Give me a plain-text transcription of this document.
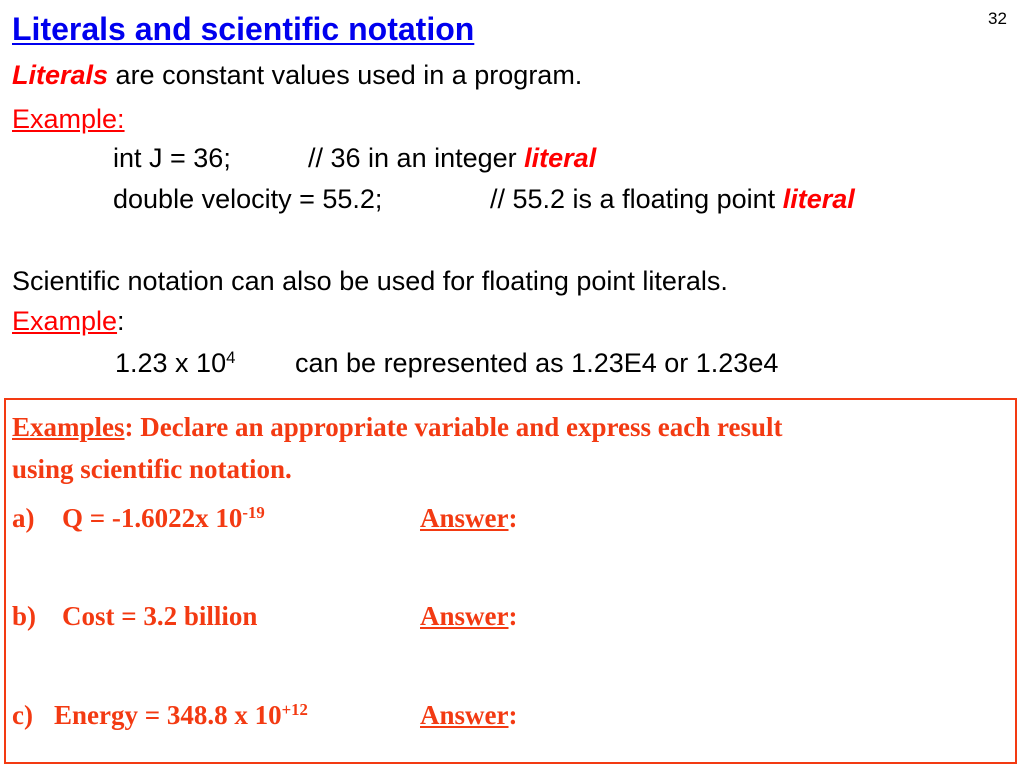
32
Literals and scientific notation
Literals are constant values used in a program.
Example:
int J = 36;	// 36 in an integer literal
double velocity = 55.2;	// 55.2 is a floating point literal
Scientific notation can also be used for floating point literals.
Example:
1.23 x $10^4$ can be represented as 1.23E4 or 1.23e4
Examples: Declare an appropriate variable and express each result
using scientific notation.
a) Q = -1.6022x $10^{-19}$	Answer:
b) Cost = 3.2 billion	Answer:
c) Energy = 348.8 x $10^{+12}$	Answer:
